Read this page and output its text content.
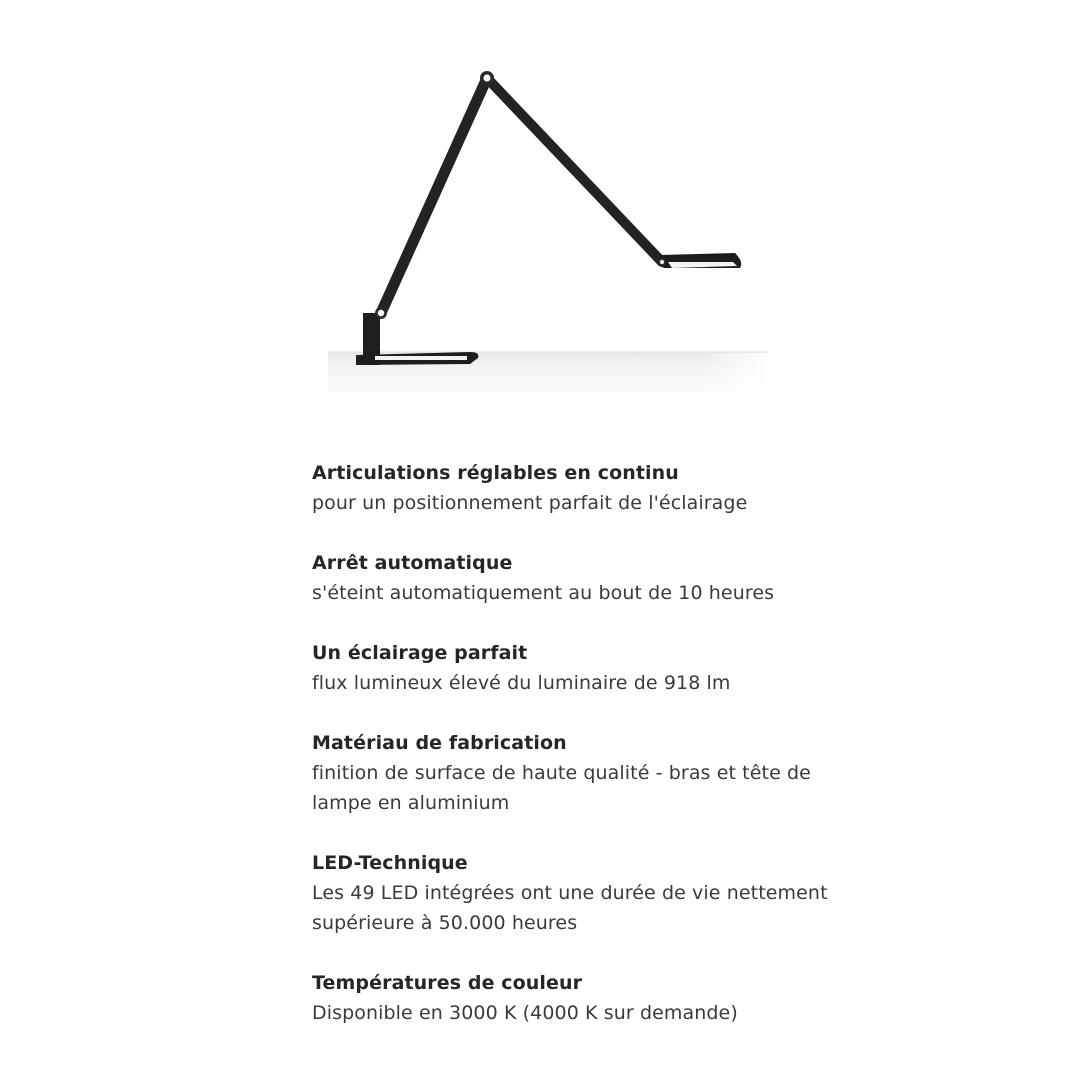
Articulations réglables en continu
pour un positionnement parfait de l'éclairage
Arrêt automatique
s'éteint automatiquement au bout de 10 heures
Un éclairage parfait
flux lumineux élevé du luminaire de 918 lm
Matériau de fabrication
finition de surface de haute qualité - bras et tête de lampe en aluminium
LED-Technique
Les 49 LED intégrées ont une durée de vie nettement supérieure à 50.000 heures
Températures de couleur
Disponible en 3000 K (4000 K sur demande)
